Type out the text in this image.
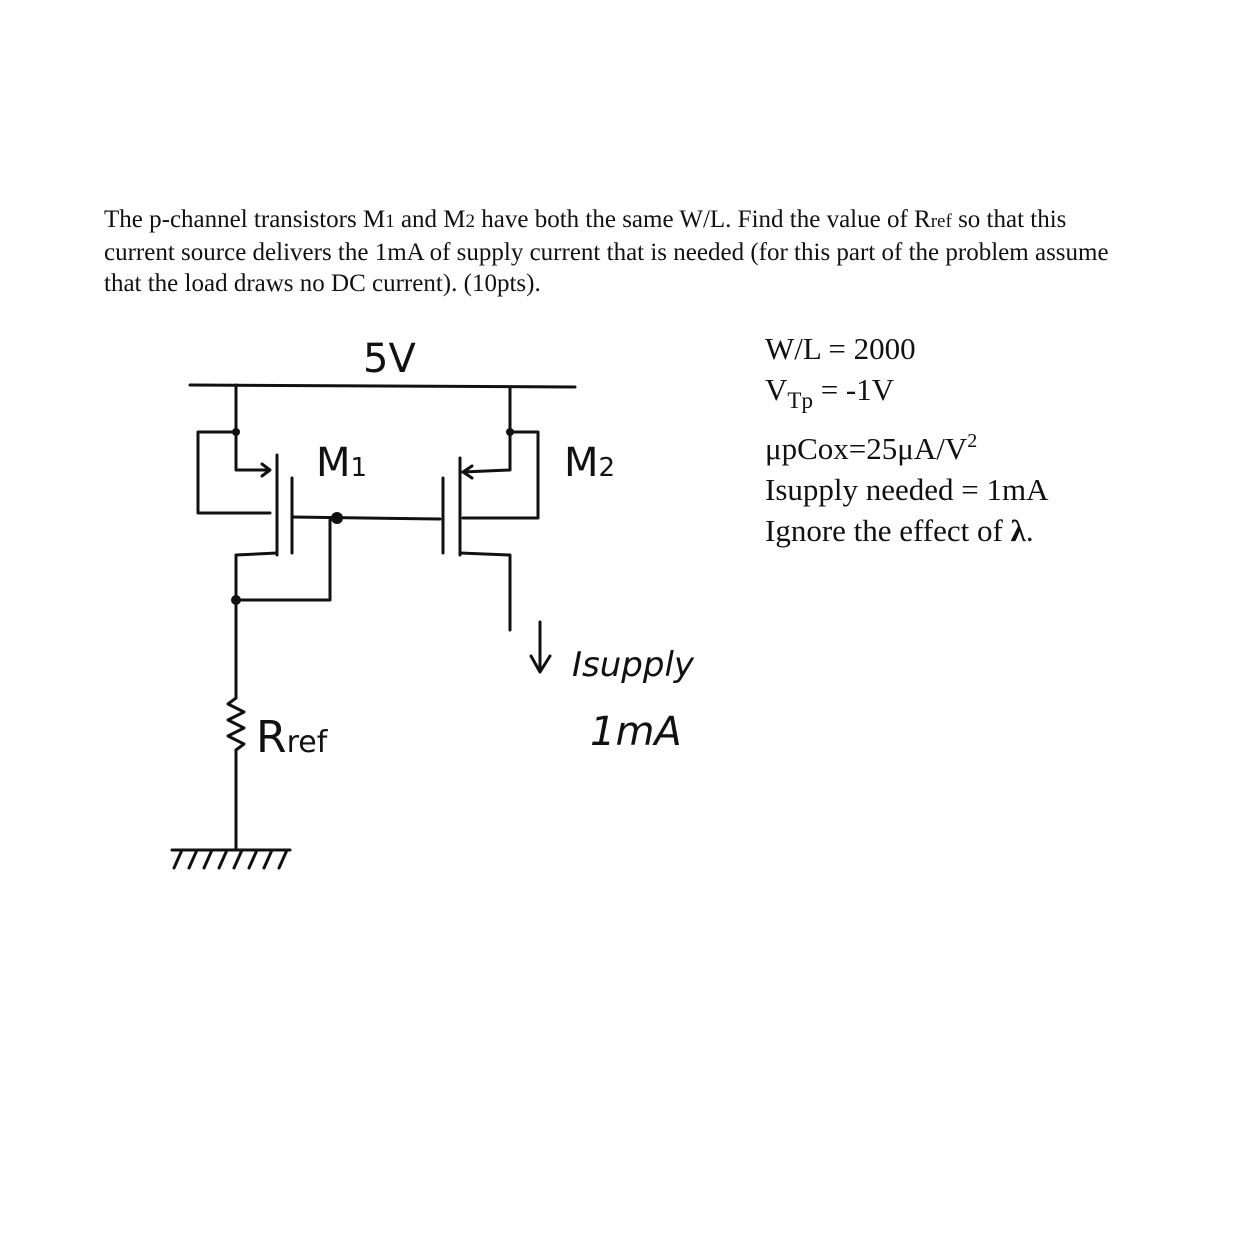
The p-channel transistors M1 and M2 have both the same W/L. Find the value of Rref so that this current source delivers the 1mA of supply current that is needed (for this part of the problem assume that the load draws no DC current). (10pts).
W/L = 2000
$V_{Tp} = -1V$
$\mu pCox=25\mu A/V^2$
Isupply needed = 1mA
Ignore the effect of λ.
5V
M1	M2
Isupply
1mA
Rref
